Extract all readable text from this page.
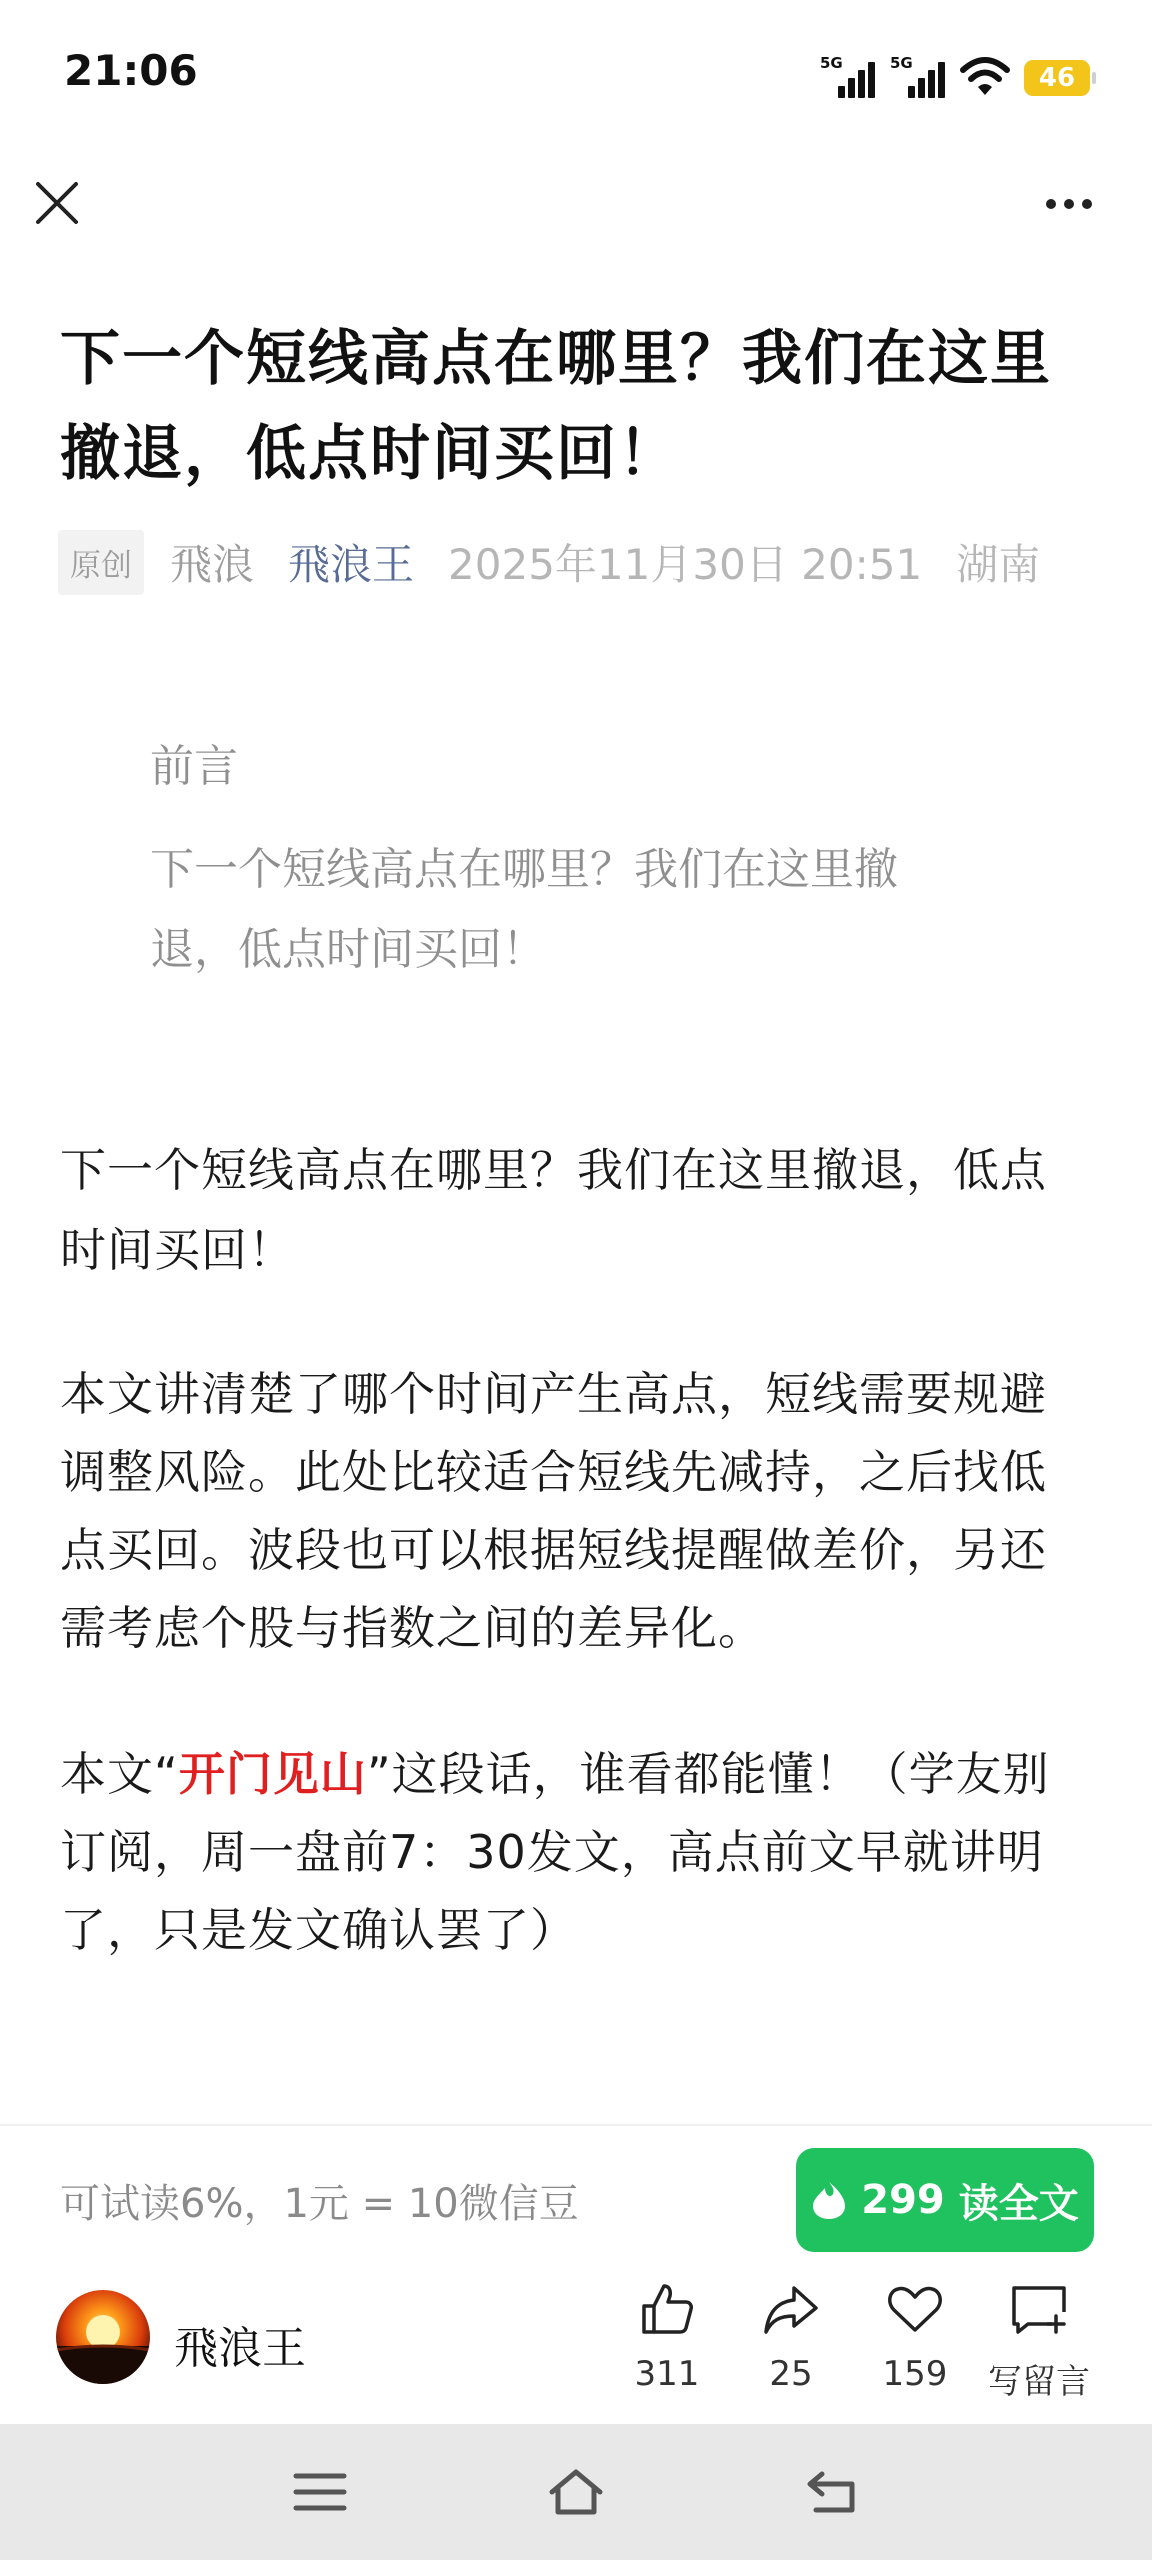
21:06	5G	5G	46
下一个短线高点在哪里？我们在这里撤退，低点时间买回！
原创 飛浪 飛浪王 2025年11月30日 20:51 湖南
前言
下一个短线高点在哪里？我们在这里撤退，低点时间买回！
下一个短线高点在哪里？我们在这里撤退，低点时间买回！
本文讲清楚了哪个时间产生高点，短线需要规避调整风险。此处比较适合短线先减持，之后找低点买回。波段也可以根据短线提醒做差价，另还需考虑个股与指数之间的差异化。
本文“开门见山”这段话，谁看都能懂！（学友别订阅，周一盘前7：30发文，高点前文早就讲明了，只是发文确认罢了）
可试读6%，1元 = 10微信豆	299 读全文
飛浪王	311 25 159 写留言
